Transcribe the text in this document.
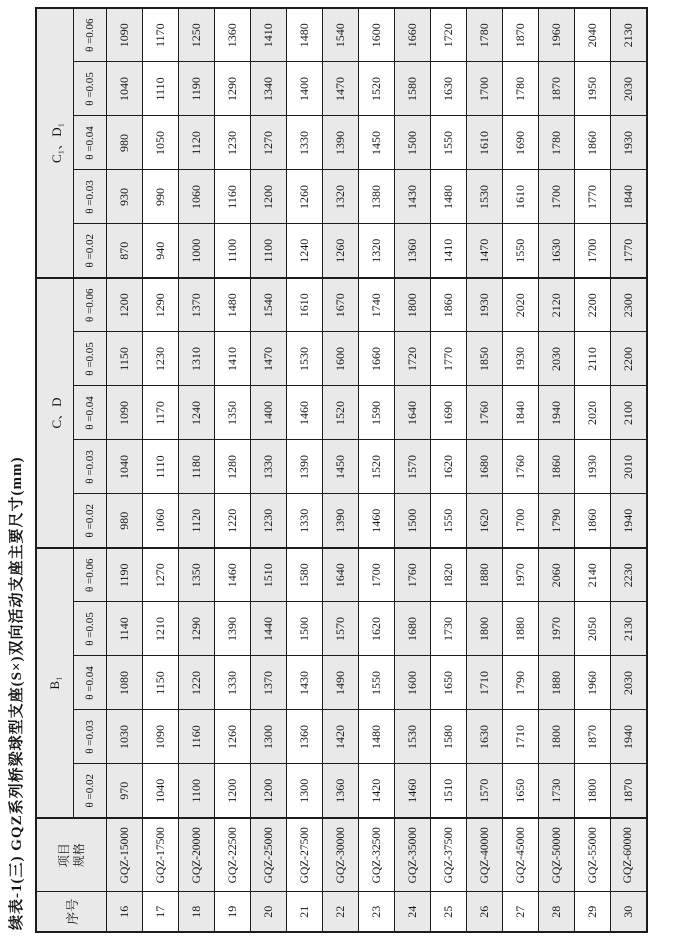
续表-1(三) GQZ系列桥梁球型支座(S×)双向活动支座主要尺寸(mm)	序号	项目 规格	B₁					C、D					C₁、D₁				
		θ =0.02	θ =0.03	θ =0.04	θ =0.05	θ =0.06	θ =0.02	θ =0.03	θ =0.04	θ =0.05	θ =0.06	θ =0.02	θ =0.03	θ =0.04	θ =0.05	θ =0.06
16	GQZ-15000	970	1030	1080	1140	1190	980	1040	1090	1150	1200	870	930	980	1040	1090
17	GQZ-17500	1040	1090	1150	1210	1270	1060	1110	1170	1230	1290	940	990	1050	1110	1170
18	GQZ-20000	1100	1160	1220	1290	1350	1120	1180	1240	1310	1370	1000	1060	1120	1190	1250
19	GQZ-22500	1200	1260	1330	1390	1460	1220	1280	1350	1410	1480	1100	1160	1230	1290	1360
20	GQZ-25000	1200	1300	1370	1440	1510	1230	1330	1400	1470	1540	1100	1200	1270	1340	1410
21	GQZ-27500	1300	1360	1430	1500	1580	1330	1390	1460	1530	1610	1240	1260	1330	1400	1480
22	GQZ-30000	1360	1420	1490	1570	1640	1390	1450	1520	1600	1670	1260	1320	1390	1470	1540
23	GQZ-32500	1420	1480	1550	1620	1700	1460	1520	1590	1660	1740	1320	1380	1450	1520	1600
24	GQZ-35000	1460	1530	1600	1680	1760	1500	1570	1640	1720	1800	1360	1430	1500	1580	1660
25	GQZ-37500	1510	1580	1650	1730	1820	1550	1620	1690	1770	1860	1410	1480	1550	1630	1720
26	GQZ-40000	1570	1630	1710	1800	1880	1620	1680	1760	1850	1930	1470	1530	1610	1700	1780
27	GQZ-45000	1650	1710	1790	1880	1970	1700	1760	1840	1930	2020	1550	1610	1690	1780	1870
28	GQZ-50000	1730	1800	1880	1970	2060	1790	1860	1940	2030	2120	1630	1700	1780	1870	1960
29	GQZ-55000	1800	1870	1960	2050	2140	1860	1930	2020	2110	2200	1700	1770	1860	1950	2040
30	GQZ-60000	1870	1940	2030	2130	2230	1940	2010	2100	2200	2300	1770	1840	1930	2030	2130
